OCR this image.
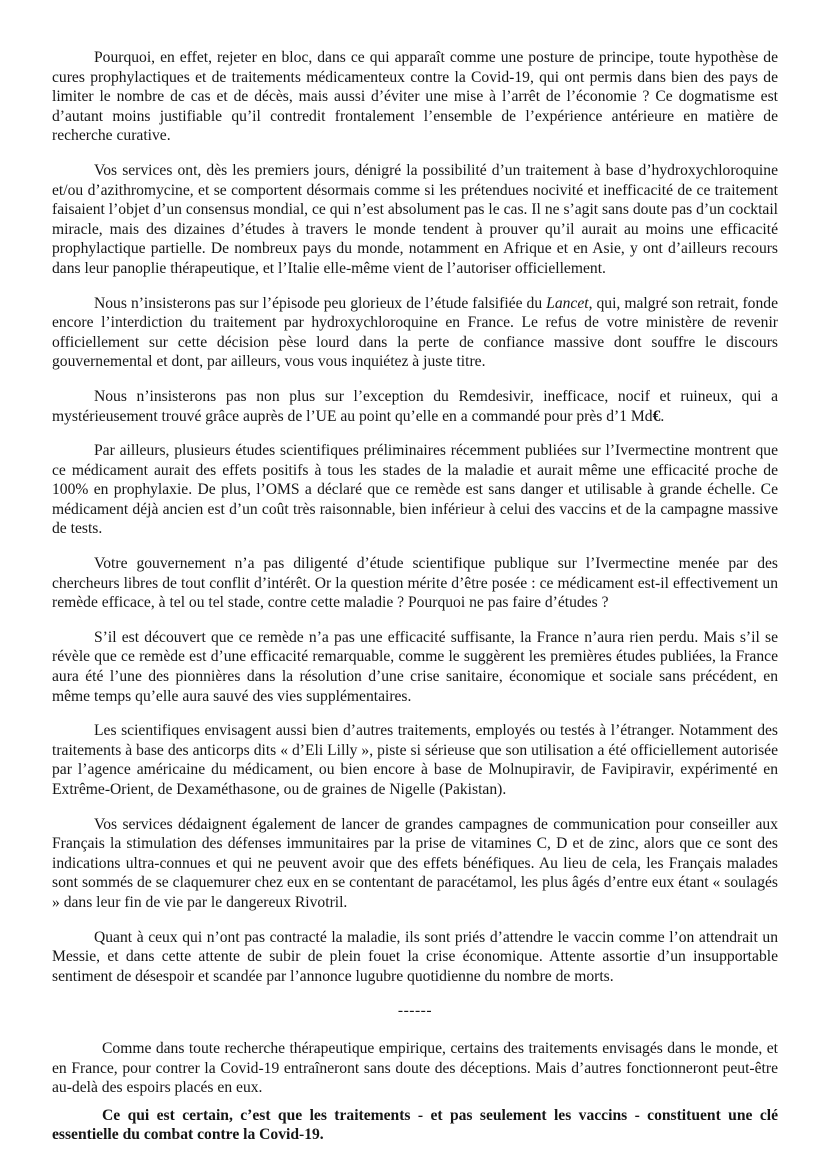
Pourquoi, en effet, rejeter en bloc, dans ce qui apparaît comme une posture de principe, toute hypothèse de cures prophylactiques et de traitements médicamenteux contre la Covid-19, qui ont permis dans bien des pays de limiter le nombre de cas et de décès, mais aussi d’éviter une mise à l’arrêt de l’économie ? Ce dogmatisme est d’autant moins justifiable qu’il contredit frontalement l’ensemble de l’expérience antérieure en matière de recherche curative.

Vos services ont, dès les premiers jours, dénigré la possibilité d’un traitement à base d’hydroxychloroquine et/ou d’azithromycine, et se comportent désormais comme si les prétendues nocivité et inefficacité de ce traitement faisaient l’objet d’un consensus mondial, ce qui n’est absolument pas le cas. Il ne s’agit sans doute pas d’un cocktail miracle, mais des dizaines d’études à travers le monde tendent à prouver qu’il aurait au moins une efficacité prophylactique partielle. De nombreux pays du monde, notamment en Afrique et en Asie, y ont d’ailleurs recours dans leur panoplie thérapeutique, et l’Italie elle-même vient de l’autoriser officiellement.

Nous n’insisterons pas sur l’épisode peu glorieux de l’étude falsifiée du Lancet, qui, malgré son retrait, fonde encore l’interdiction du traitement par hydroxychloroquine en France. Le refus de votre ministère de revenir officiellement sur cette décision pèse lourd dans la perte de confiance massive dont souffre le discours gouvernemental et dont, par ailleurs, vous vous inquiétez à juste titre.

Nous n’insisterons pas non plus sur l’exception du Remdesivir, inefficace, nocif et ruineux, qui a mystérieusement trouvé grâce auprès de l’UE au point qu’elle en a commandé pour près d’1 Md€.

Par ailleurs, plusieurs études scientifiques préliminaires récemment publiées sur l’Ivermectine montrent que ce médicament aurait des effets positifs à tous les stades de la maladie et aurait même une efficacité proche de 100% en prophylaxie. De plus, l’OMS a déclaré que ce remède est sans danger et utilisable à grande échelle. Ce médicament déjà ancien est d’un coût très raisonnable, bien inférieur à celui des vaccins et de la campagne massive de tests.

Votre gouvernement n’a pas diligenté d’étude scientifique publique sur l’Ivermectine menée par des chercheurs libres de tout conflit d’intérêt. Or la question mérite d’être posée : ce médicament est-il effectivement un remède efficace, à tel ou tel stade, contre cette maladie ? Pourquoi ne pas faire d’études ?

S’il est découvert que ce remède n’a pas une efficacité suffisante, la France n’aura rien perdu. Mais s’il se révèle que ce remède est d’une efficacité remarquable, comme le suggèrent les premières études publiées, la France aura été l’une des pionnières dans la résolution d’une crise sanitaire, économique et sociale sans précédent, en même temps qu’elle aura sauvé des vies supplémentaires.

Les scientifiques envisagent aussi bien d’autres traitements, employés ou testés à l’étranger. Notamment des traitements à base des anticorps dits « d’Eli Lilly », piste si sérieuse que son utilisation a été officiellement autorisée par l’agence américaine du médicament, ou bien encore à base de Molnupiravir, de Favipiravir, expérimenté en Extrême-Orient, de Dexaméthasone, ou de graines de Nigelle (Pakistan).

Vos services dédaignent également de lancer de grandes campagnes de communication pour conseiller aux Français la stimulation des défenses immunitaires par la prise de vitamines C, D et de zinc, alors que ce sont des indications ultra-connues et qui ne peuvent avoir que des effets bénéfiques. Au lieu de cela, les Français malades sont sommés de se claquemurer chez eux en se contentant de paracétamol, les plus âgés d’entre eux étant « soulagés » dans leur fin de vie par le dangereux Rivotril.

Quant à ceux qui n’ont pas contracté la maladie, ils sont priés d’attendre le vaccin comme l’on attendrait un Messie, et dans cette attente de subir de plein fouet la crise économique. Attente assortie d’un insupportable sentiment de désespoir et scandée par l’annonce lugubre quotidienne du nombre de morts.

------

Comme dans toute recherche thérapeutique empirique, certains des traitements envisagés dans le monde, et en France, pour contrer la Covid-19 entraîneront sans doute des déceptions. Mais d’autres fonctionneront peut-être au-delà des espoirs placés en eux.

Ce qui est certain, c’est que les traitements - et pas seulement les vaccins - constituent une clé essentielle du combat contre la Covid-19.
